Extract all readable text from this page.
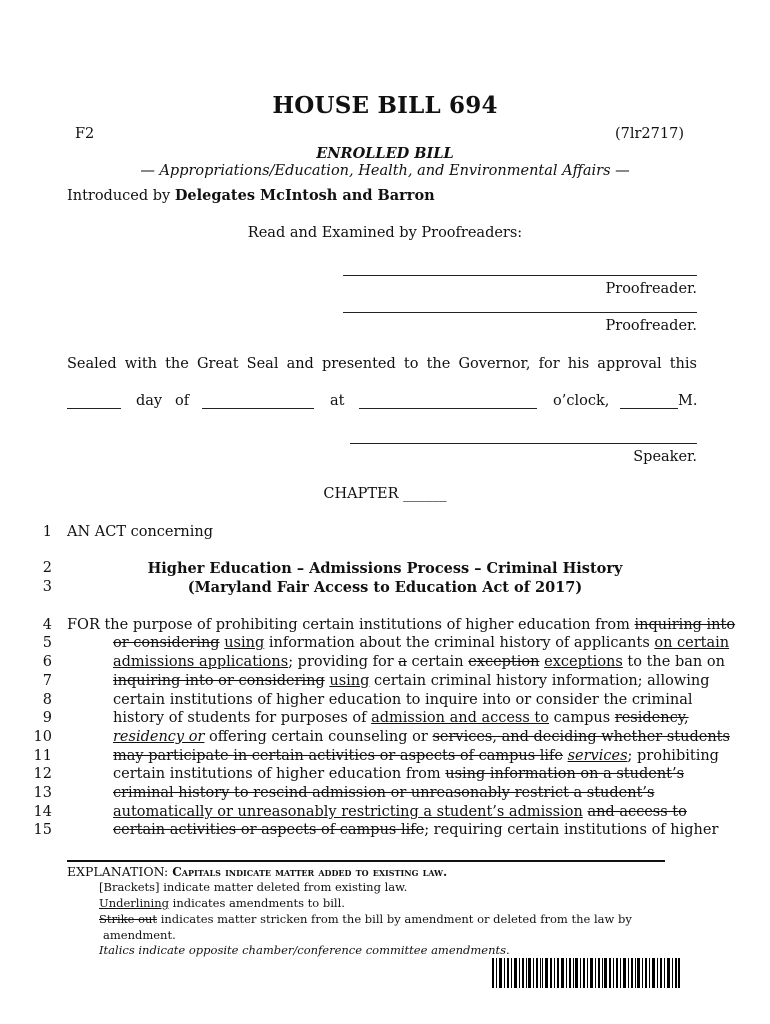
HOUSE BILL 694
F2	(7lr2717)
ENROLLED BILL
— Appropriations/Education, Health, and Environmental Affairs —
Introduced by Delegates McIntosh and Barron
Read and Examined by Proofreaders:
Proofreader.
Proofreader.
Sealed with the Great Seal and presented to the Governor, for his approval this
day of	at	o’clock,	M.
Speaker.
CHAPTER ______
1
2
3
4
5
6
7
8
9
10
11
12
13
14
15
AN ACT concerning
Higher Education – Admissions Process – Criminal History
(Maryland Fair Access to Education Act of 2017)
FOR the purpose of prohibiting certain institutions of higher education from inquiring into
or considering using information about the criminal history of applicants on certain
admissions applications; providing for a certain exception exceptions to the ban on
inquiring into or considering using certain criminal history information; allowing
certain institutions of higher education to inquire into or consider the criminal
history of students for purposes of admission and access to campus residency,
residency or offering certain counseling or services, and deciding whether students
may participate in certain activities or aspects of campus life services; prohibiting
certain institutions of higher education from using information on a student’s
criminal history to rescind admission or unreasonably restrict a student’s
automatically or unreasonably restricting a student’s admission and access to
certain activities or aspects of campus life; requiring certain institutions of higher
EXPLANATION: Capitals indicate matter added to existing law.
[Brackets] indicate matter deleted from existing law.
Underlining indicates amendments to bill.
Strike out indicates matter stricken from the bill by amendment or deleted from the law by
amendment.
Italics indicate opposite chamber/conference committee amendments.
